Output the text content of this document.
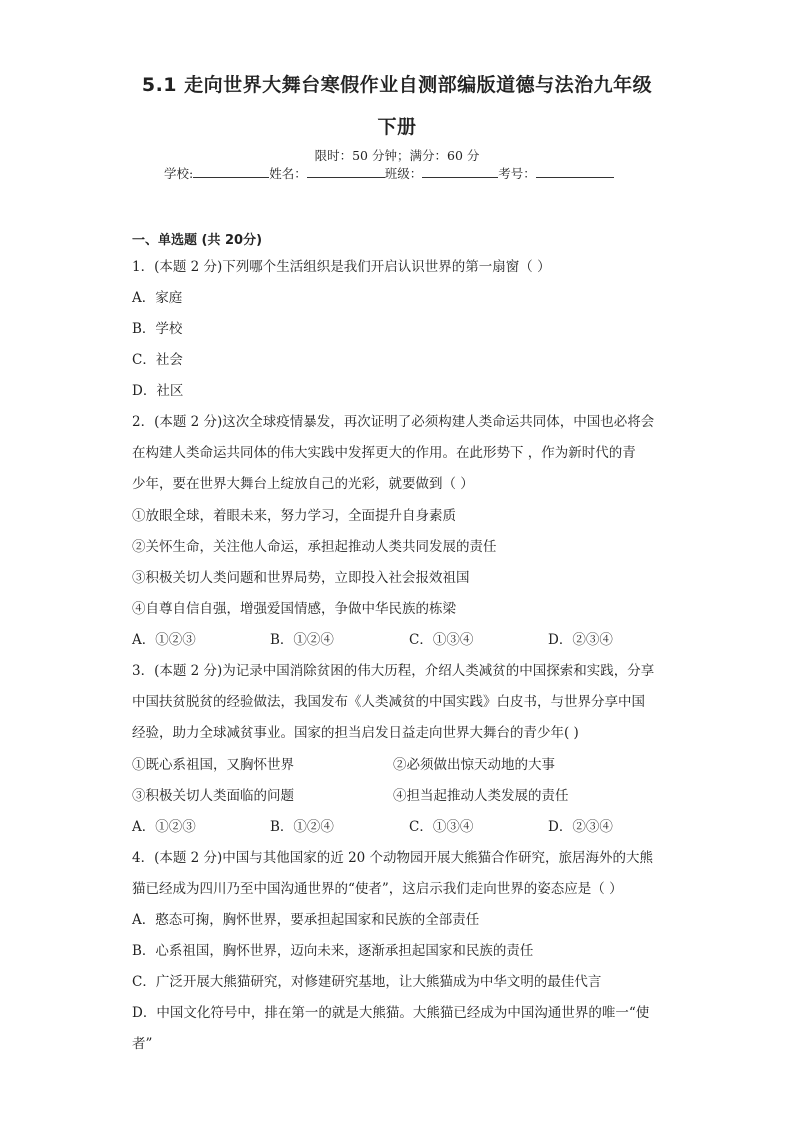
5.1 走向世界大舞台寒假作业自测部编版道德与法治九年级
下册
限时：50 分钟；满分：60 分
学校:	姓名：	班级：	考号：
一、单选题 (共 20分)
1．(本题 2 分)下列哪个生活组织是我们开启认识世界的第一扇窗（ ）
A．家庭
B．学校
C．社会
D．社区
2．(本题 2 分)这次全球疫情暴发，再次证明了必须构建人类命运共同体，中国也必将会
在构建人类命运共同体的伟大实践中发挥更大的作用。在此形势下 ，作为新时代的青
少年，要在世界大舞台上绽放自己的光彩，就要做到（ ）
①放眼全球，着眼未来，努力学习，全面提升自身素质
②关怀生命，关注他人命运，承担起推动人类共同发展的责任
③积极关切人类问题和世界局势，立即投入社会报效祖国
④自尊自信自强，增强爱国情感，争做中华民族的栋梁
A．①②③	B．①②④	C．①③④	D．②③④
3．(本题 2 分)为记录中国消除贫困的伟大历程，介绍人类减贫的中国探索和实践，分享
中国扶贫脱贫的经验做法，我国发布《人类减贫的中国实践》白皮书，与世界分享中国
经验，助力全球减贫事业。国家的担当启发日益走向世界大舞台的青少年( )
①既心系祖国，又胸怀世界	②必须做出惊天动地的大事
③积极关切人类面临的问题	④担当起推动人类发展的责任
A．①②③	B．①②④	C．①③④	D．②③④
4．(本题 2 分)中国与其他国家的近 20 个动物园开展大熊猫合作研究，旅居海外的大熊
猫已经成为四川乃至中国沟通世界的“使者”，这启示我们走向世界的姿态应是（ ）
A．憨态可掬，胸怀世界，要承担起国家和民族的全部责任
B．心系祖国，胸怀世界，迈向未来，逐渐承担起国家和民族的责任
C．广泛开展大熊猫研究，对修建研究基地，让大熊猫成为中华文明的最佳代言
D．中国文化符号中，排在第一的就是大熊猫。大熊猫已经成为中国沟通世界的唯一“使
者”
